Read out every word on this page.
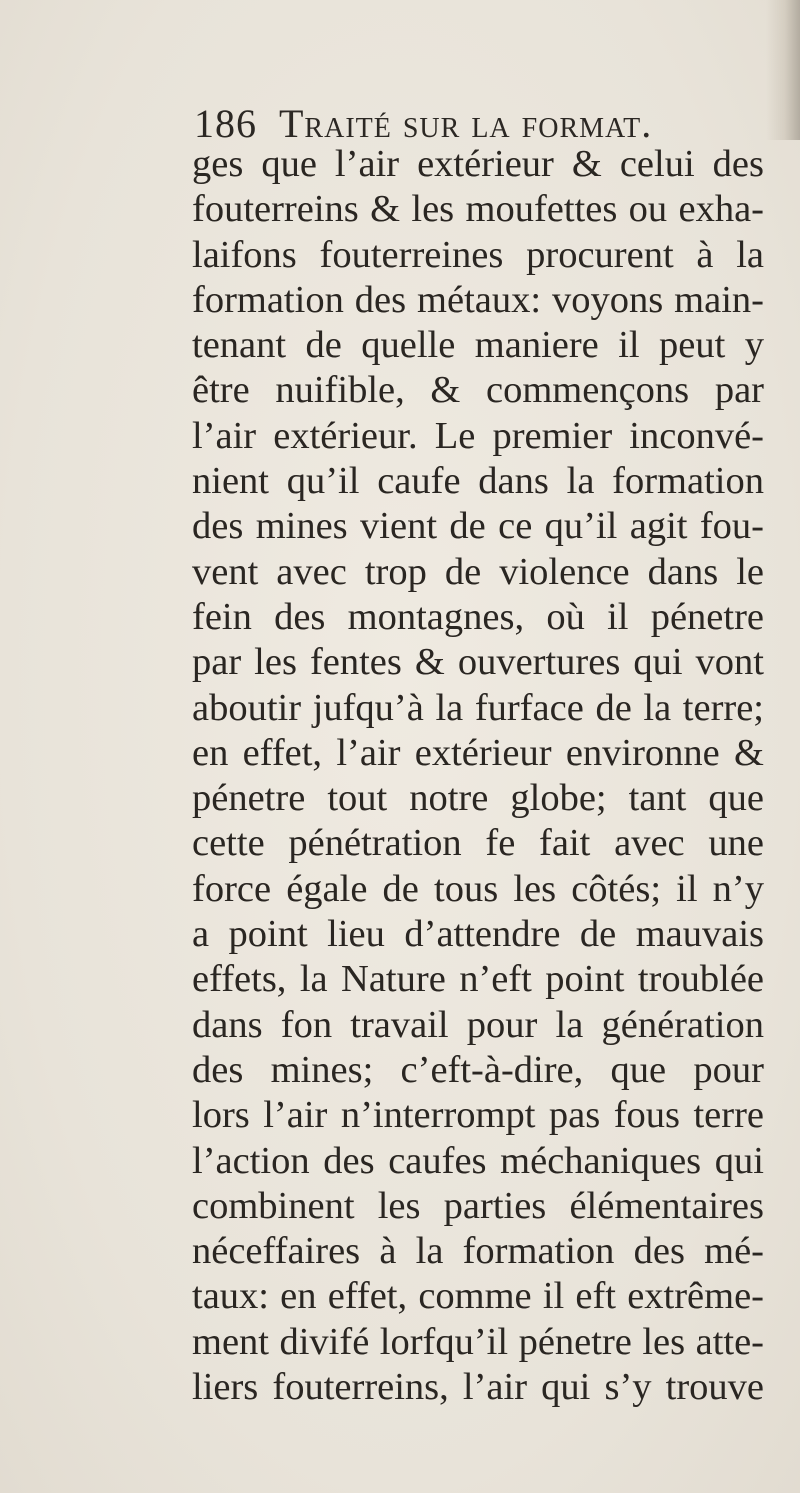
186 Traité sur la format.
ges que l’air extérieur & celui des
fouterreins & les moufettes ou exha-
laifons fouterreines procurent à la
formation des métaux: voyons main-
tenant de quelle maniere il peut y
être nuifible, & commençons par
l’air extérieur. Le premier inconvé-
nient qu’il caufe dans la formation
des mines vient de ce qu’il agit fou-
vent avec trop de violence dans le
fein des montagnes, où il pénetre
par les fentes & ouvertures qui vont
aboutir jufqu’à la furface de la terre;
en effet, l’air extérieur environne &
pénetre tout notre globe; tant que
cette pénétration fe fait avec une
force égale de tous les côtés; il n’y
a point lieu d’attendre de mauvais
effets, la Nature n’eft point troublée
dans fon travail pour la génération
des mines; c’eft-à-dire, que pour
lors l’air n’interrompt pas fous terre
l’action des caufes méchaniques qui
combinent les parties élémentaires
néceffaires à la formation des mé-
taux: en effet, comme il eft extrême-
ment divifé lorfqu’il pénetre les atte-
liers fouterreins, l’air qui s’y trouve
